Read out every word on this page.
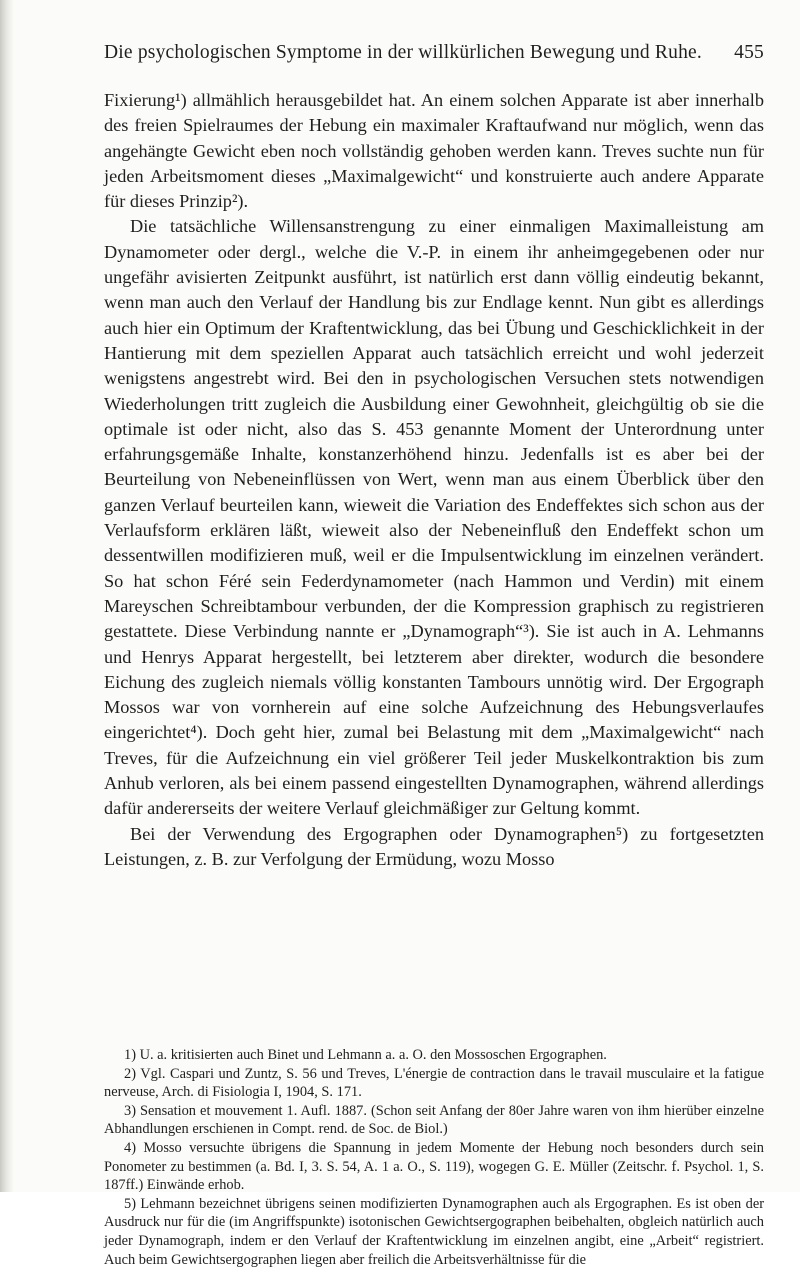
Die psychologischen Symptome in der willkürlichen Bewegung und Ruhe. 455

Fixierung¹) allmählich herausgebildet hat. An einem solchen Apparate ist aber innerhalb des freien Spielraumes der Hebung ein maximaler Kraftaufwand nur möglich, wenn das angehängte Gewicht eben noch vollständig gehoben werden kann. Treves suchte nun für jeden Arbeitsmoment dieses „Maximalgewicht“ und konstruierte auch andere Apparate für dieses Prinzip²).

Die tatsächliche Willensanstrengung zu einer einmaligen Maximalleistung am Dynamometer oder dergl., welche die V.-P. in einem ihr anheimgegebenen oder nur ungefähr avisierten Zeitpunkt ausführt, ist natürlich erst dann völlig eindeutig bekannt, wenn man auch den Verlauf der Handlung bis zur Endlage kennt. Nun gibt es allerdings auch hier ein Optimum der Kraftentwicklung, das bei Übung und Geschicklichkeit in der Hantierung mit dem speziellen Apparat auch tatsächlich erreicht und wohl jederzeit wenigstens angestrebt wird. Bei den in psychologischen Versuchen stets notwendigen Wiederholungen tritt zugleich die Ausbildung einer Gewohnheit, gleichgültig ob sie die optimale ist oder nicht, also das S. 453 genannte Moment der Unterordnung unter erfahrungsgemäße Inhalte, konstanzerhöhend hinzu. Jedenfalls ist es aber bei der Beurteilung von Nebeneinflüssen von Wert, wenn man aus einem Überblick über den ganzen Verlauf beurteilen kann, wieweit die Variation des Endeffektes sich schon aus der Verlaufsform erklären läßt, wieweit also der Nebeneinfluß den Endeffekt schon um dessentwillen modifizieren muß, weil er die Impulsentwicklung im einzelnen verändert. So hat schon Féré sein Federdynamometer (nach Hammon und Verdin) mit einem Mareyschen Schreibtambour verbunden, der die Kompression graphisch zu registrieren gestattete. Diese Verbindung nannte er „Dynamograph“³). Sie ist auch in A. Lehmanns und Henrys Apparat hergestellt, bei letzterem aber direkter, wodurch die besondere Eichung des zugleich niemals völlig konstanten Tambours unnötig wird. Der Ergograph Mossos war von vornherein auf eine solche Aufzeichnung des Hebungsverlaufes eingerichtet⁴). Doch geht hier, zumal bei Belastung mit dem „Maximalgewicht“ nach Treves, für die Aufzeichnung ein viel größerer Teil jeder Muskelkontraktion bis zum Anhub verloren, als bei einem passend eingestellten Dynamographen, während allerdings dafür andererseits der weitere Verlauf gleichmäßiger zur Geltung kommt.

Bei der Verwendung des Ergographen oder Dynamographen⁵) zu fortgesetzten Leistungen, z. B. zur Verfolgung der Ermüdung, wozu Mosso

1) U. a. kritisierten auch Binet und Lehmann a. a. O. den Mossoschen Ergographen.

2) Vgl. Caspari und Zuntz, S. 56 und Treves, L'énergie de contraction dans le travail musculaire et la fatigue nerveuse, Arch. di Fisiologia I, 1904, S. 171.

3) Sensation et mouvement 1. Aufl. 1887. (Schon seit Anfang der 80er Jahre waren von ihm hierüber einzelne Abhandlungen erschienen in Compt. rend. de Soc. de Biol.)

4) Mosso versuchte übrigens die Spannung in jedem Momente der Hebung noch besonders durch sein Ponometer zu bestimmen (a. Bd. I, 3. S. 54, A. 1 a. O., S. 119), wogegen G. E. Müller (Zeitschr. f. Psychol. 1, S. 187ff.) Einwände erhob.

5) Lehmann bezeichnet übrigens seinen modifizierten Dynamographen auch als Ergographen. Es ist oben der Ausdruck nur für die (im Angriffspunkte) isotonischen Gewichtsergographen beibehalten, obgleich natürlich auch jeder Dynamograph, indem er den Verlauf der Kraftentwicklung im einzelnen angibt, eine „Arbeit“ registriert. Auch beim Gewichtsergographen liegen aber freilich die Arbeitsverhältnisse für die
